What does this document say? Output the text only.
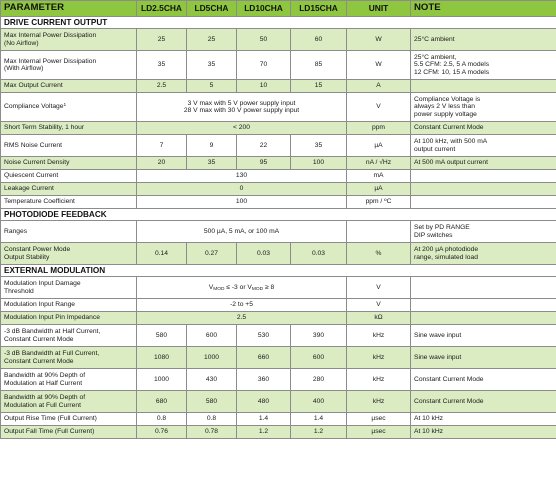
PARAMETER	LD2.5CHA	LD5CHA	LD10CHA	LD15CHA	UNIT	NOTE
DRIVE CURRENT OUTPUT						
Max Internal Power Dissipation
(No Airflow)	25	25	50	60	W	25°C ambient
Max Internal Power Dissipation
(With Airflow)	35	35	70	85	W	25°C ambient,
5.5 CFM: 2.5, 5 A models
12 CFM: 10, 15 A models
Max Output Current	2.5	5	10	15	A	
Compliance Voltage$^1$	3 V max with 5 V power supply input
28 V max with 30 V power supply input				V	Compliance Voltage is
always 2 V less than
power supply voltage
Short Term Stability, 1 hour	< 200				ppm	Constant Current Mode
RMS Noise Current	7	9	22	35	µA	At 100 kHz, with 500 mA
output current
Noise Current Density	20	35	95	100	nA / √Hz	At 500 mA output current
Quiescent Current	130				mA	
Leakage Current	0				µA	
Temperature Coefficient	100				ppm / ºC	
PHOTODIODE FEEDBACK						
Ranges	500 µA, 5 mA, or 100 mA					Set by PD RANGE
DIP switches
Constant Power Mode
Output Stability	0.14	0.27	0.03	0.03	%	At 200 µA photodiode
range, simulated load
EXTERNAL MODULATION						
Modulation Input Damage
Threshold	$V_{MOD} \le -3$ or $V_{MOD} \ge 8$				V	
Modulation Input Range	-2 to +5				V	
Modulation Input Pin Impedance	2.5				kΩ	
-3 dB Bandwidth at Half Current,
Constant Current Mode	580	600	530	390	kHz	Sine wave input
-3 dB Bandwidth at Full Current,
Constant Current Mode	1080	1000	660	600	kHz	Sine wave input
Bandwidth at 90% Depth of
Modulation at Half Current	1000	430	360	280	kHz	Constant Current Mode
Bandwidth at 90% Depth of
Modulation at Full Current	680	580	480	400	kHz	Constant Current Mode
Output Rise Time (Full Current)	0.8	0.8	1.4	1.4	µsec	At 10 kHz
Output Fall Time (Full Current)	0.76	0.78	1.2	1.2	µsec	At 10 kHz
